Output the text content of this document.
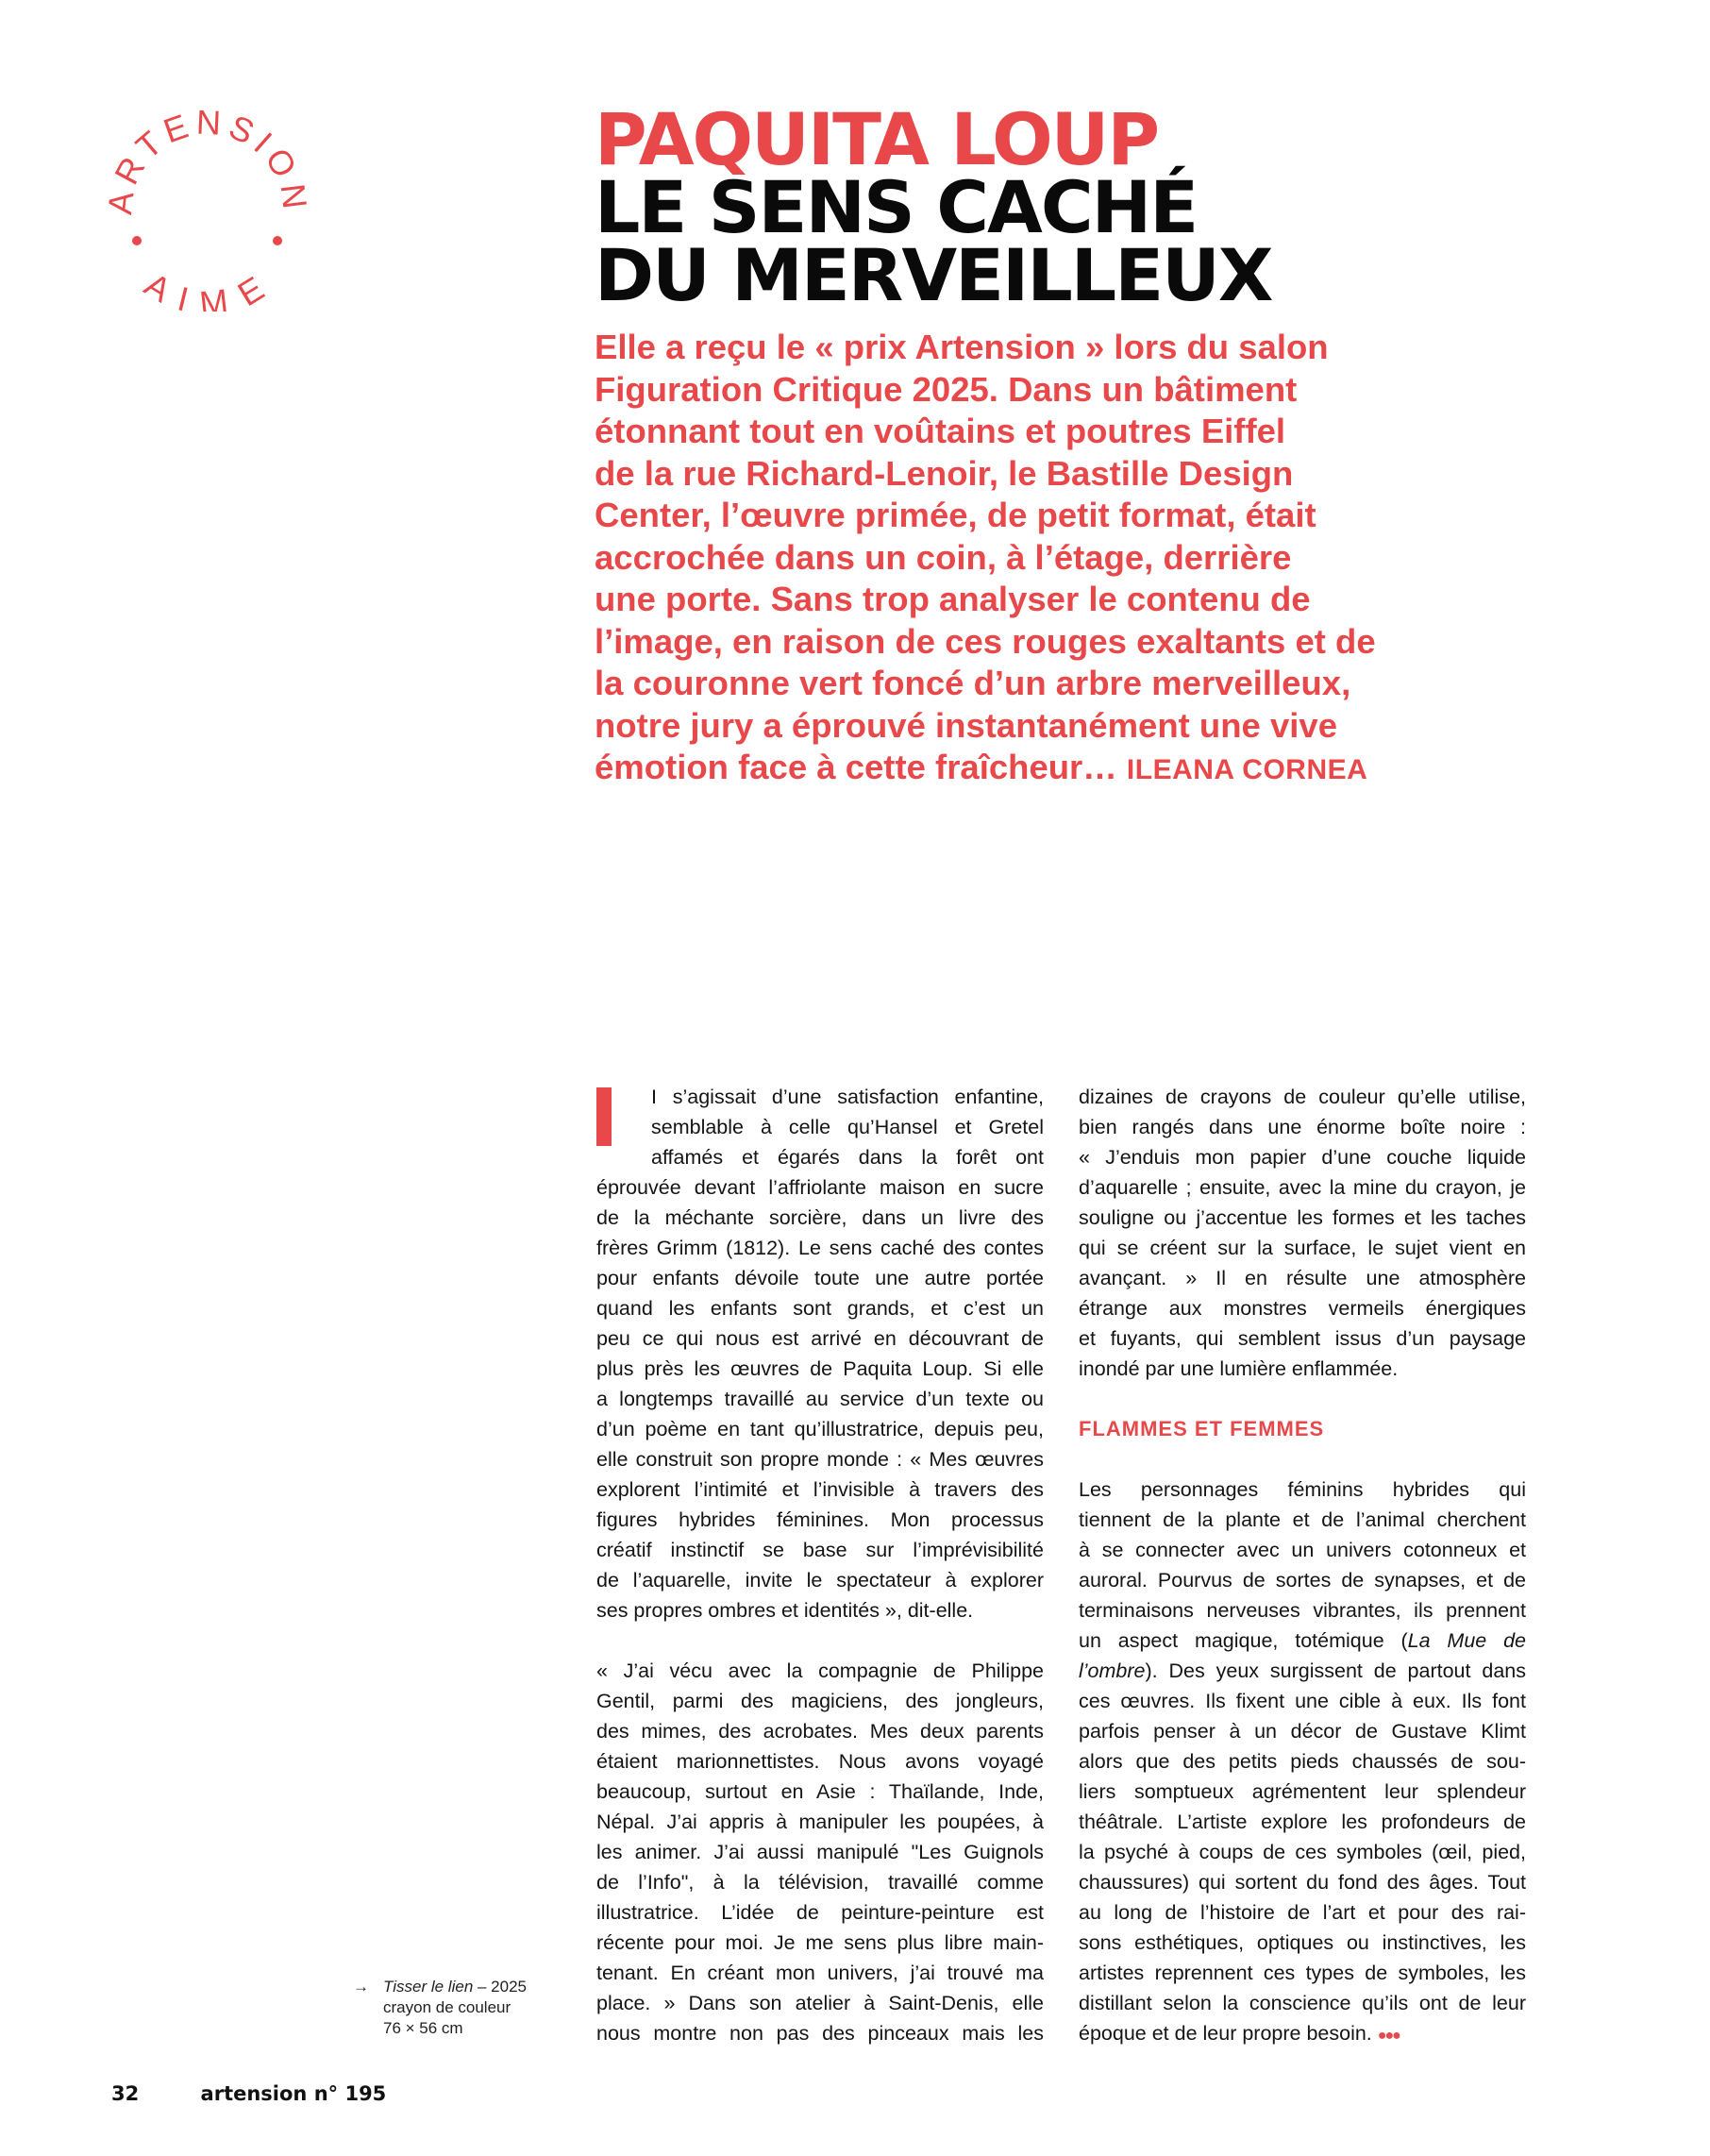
ARTENSION
AIME
PAQUITA LOUP
LE SENS CACHÉ
DU MERVEILLEUX

Elle a reçu le « prix Artension » lors du salon
Figuration Critique 2025. Dans un bâtiment
étonnant tout en voûtains et poutres Eiffel
de la rue Richard-Lenoir, le Bastille Design
Center, l’œuvre primée, de petit format, était
accrochée dans un coin, à l’étage, derrière
une porte. Sans trop analyser le contenu de
l’image, en raison de ces rouges exaltants et de
la couronne vert foncé d’un arbre merveilleux,
notre jury a éprouvé instantanément une vive
émotion face à cette fraîcheur… ILEANA CORNEA

I s’agissait d’une satisfaction enfantine,
semblable à celle qu’Hansel et Gretel
affamés et égarés dans la forêt ont
éprouvée devant l’affriolante maison en sucre
de la méchante sorcière, dans un livre des
frères Grimm (1812). Le sens caché des contes
pour enfants dévoile toute une autre portée
quand les enfants sont grands, et c’est un
peu ce qui nous est arrivé en découvrant de
plus près les œuvres de Paquita Loup. Si elle
a longtemps travaillé au service d’un texte ou
d’un poème en tant qu’illustratrice, depuis peu,
elle construit son propre monde : « Mes œuvres
explorent l’intimité et l’invisible à travers des
figures hybrides féminines. Mon processus
créatif instinctif se base sur l’imprévisibilité
de l’aquarelle, invite le spectateur à explorer
ses propres ombres et identités », dit-elle.
« J’ai vécu avec la compagnie de Philippe
Gentil, parmi des magiciens, des jongleurs,
des mimes, des acrobates. Mes deux parents
étaient marionnettistes. Nous avons voyagé
beaucoup, surtout en Asie : Thaïlande, Inde,
Népal. J’ai appris à manipuler les poupées, à
les animer. J’ai aussi manipulé "Les Guignols
de l’Info", à la télévision, travaillé comme
illustratrice. L’idée de peinture-peinture est
récente pour moi. Je me sens plus libre main-
tenant. En créant mon univers, j’ai trouvé ma
place. » Dans son atelier à Saint-Denis, elle
nous montre non pas des pinceaux mais les
dizaines de crayons de couleur qu’elle utilise,
bien rangés dans une énorme boîte noire :
« J’enduis mon papier d’une couche liquide
d’aquarelle ; ensuite, avec la mine du crayon, je
souligne ou j’accentue les formes et les taches
qui se créent sur la surface, le sujet vient en
avançant. » Il en résulte une atmosphère
étrange aux monstres vermeils énergiques
et fuyants, qui semblent issus d’un paysage
inondé par une lumière enflammée.
FLAMMES ET FEMMES
Les personnages féminins hybrides qui
tiennent de la plante et de l’animal cherchent
à se connecter avec un univers cotonneux et
auroral. Pourvus de sortes de synapses, et de
terminaisons nerveuses vibrantes, ils prennent
un aspect magique, totémique (La Mue de
l’ombre). Des yeux surgissent de partout dans
ces œuvres. Ils fixent une cible à eux. Ils font
parfois penser à un décor de Gustave Klimt
alors que des petits pieds chaussés de sou-
liers somptueux agrémentent leur splendeur
théâtrale. L’artiste explore les profondeurs de
la psyché à coups de ces symboles (œil, pied,
chaussures) qui sortent du fond des âges. Tout
au long de l’histoire de l’art et pour des rai-
sons esthétiques, optiques ou instinctives, les
artistes reprennent ces types de symboles, les
distillant selon la conscience qu’ils ont de leur
époque et de leur propre besoin. ●●●
→ Tisser le lien – 2025
crayon de couleur
76 × 56 cm
32	artension n° 195
